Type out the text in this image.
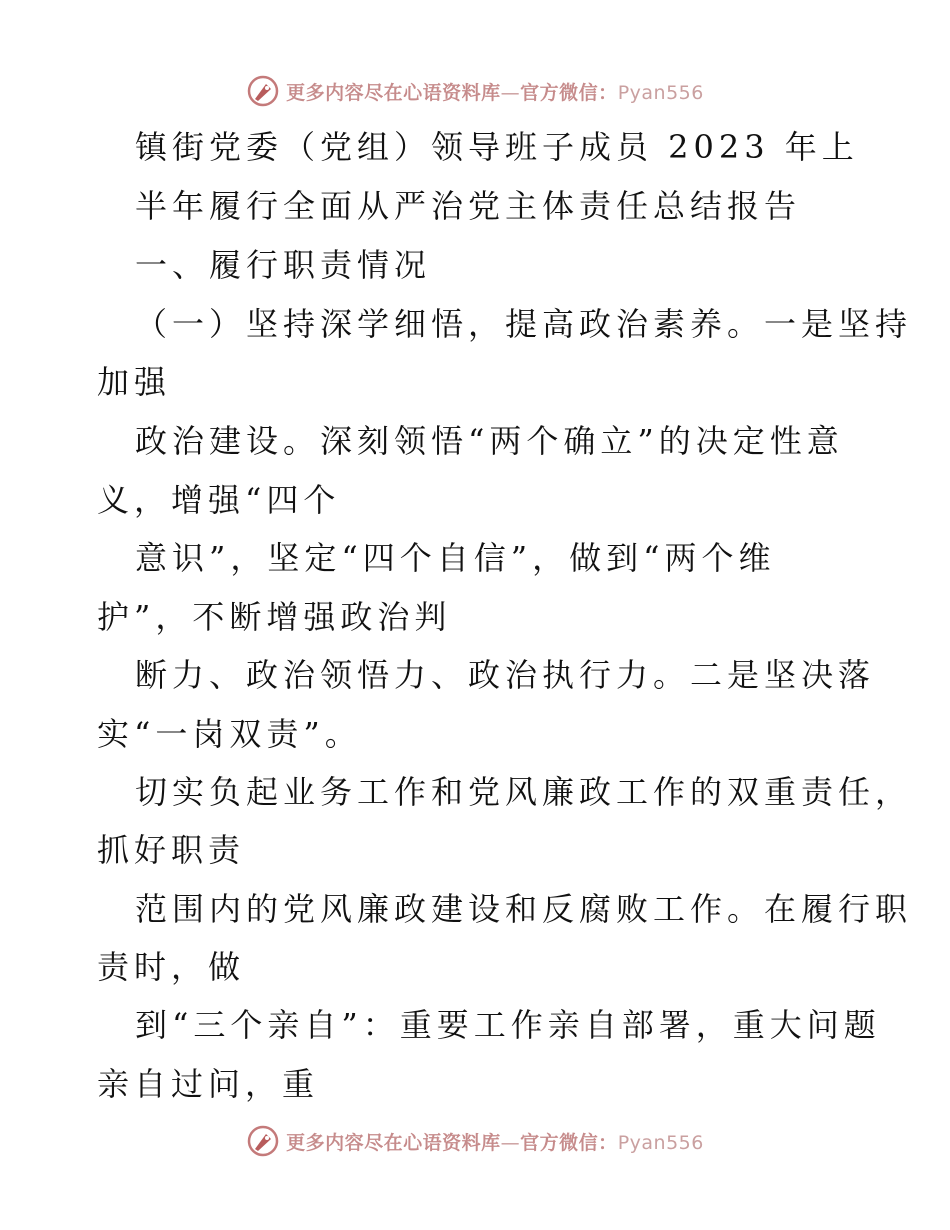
更多内容尽在心语资料库—官方微信：Pyan556
镇街党委（党组）领导班子成员 2023 年上
半年履行全面从严治党主体责任总结报告
一、履行职责情况
（一）坚持深学细悟，提高政治素养。一是坚持
加强
政治建设。深刻领悟“两个确立”的决定性意
义，增强“四个
意识”，坚定“四个自信”，做到“两个维
护”，不断增强政治判
断力、政治领悟力、政治执行力。二是坚决落
实“一岗双责”。
切实负起业务工作和党风廉政工作的双重责任，
抓好职责
范围内的党风廉政建设和反腐败工作。在履行职
责时，做
到“三个亲自”：重要工作亲自部署，重大问题
亲自过问，重
更多内容尽在心语资料库—官方微信：Pyan556
